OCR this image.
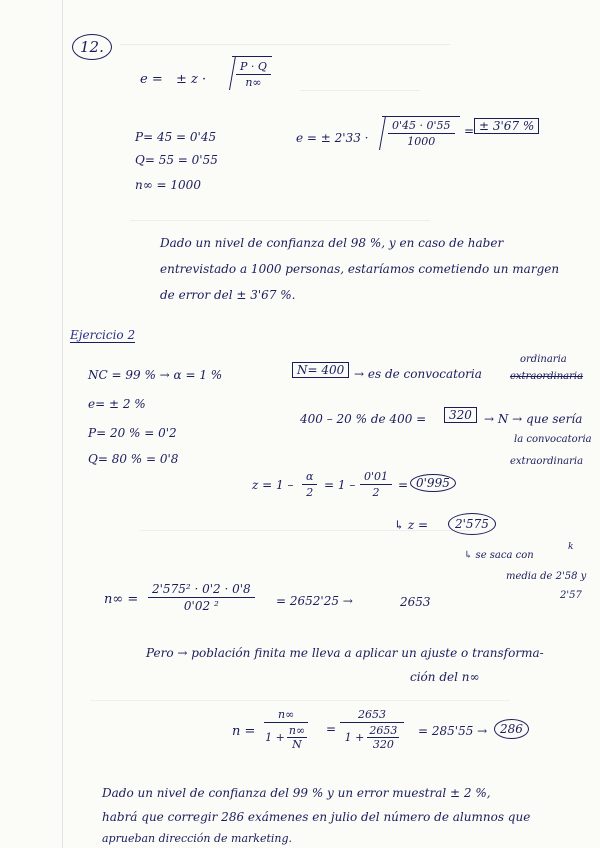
12.
e = ± z ·	$\frac{P \cdot Q}{n\infty}$
P= 45 = 0'45
Q= 55 = 0'55
n∞ = 1000
e = ± $2'33 \cdot \frac{0'45 \cdot 0'55}{1000}$ = ± 3'67 %
Dado un nivel de confianza del 98 %, y en caso de haber
entrevistado a 1000 personas, estaríamos cometiendo un margen
de error del ± 3'67 %.
Ejercicio 2
ordinaria
NC = 99 % → α = 1 %	N= 400 → es de convocatoria	extraordinaria
e= ± 2 %
400 – 20 % de 400 =	320	→ N → que sería
P= 20 % = 0'2	la convocatoria
Q= 80 % = 0'8	extraordinaria
$z = 1 - \frac{\alpha}{2} = 1 - \frac{0'01}{2} = 0'995$
↳ z =	2'575
↳ se saca con
k
media de 2'58 y
2'57
$n\infty = \frac{\text{2'575² · 0'2 · 0'8}}{\text{0'02 ²}} = 2652'25$ →	2653
Pero → población finita me lleva a aplicar un ajuste o transforma-
ción del n∞
$n = \frac{n\infty}{1 + \frac{n\infty}{N}} = \frac{2653}{1 + \frac{2653}{320}} = 285'55$ →	286
Dado un nivel de confianza del 99 % y un error muestral ± 2 %,
habrá que corregir 286 exámenes en julio del número de alumnos que
aprueban dirección de marketing.
